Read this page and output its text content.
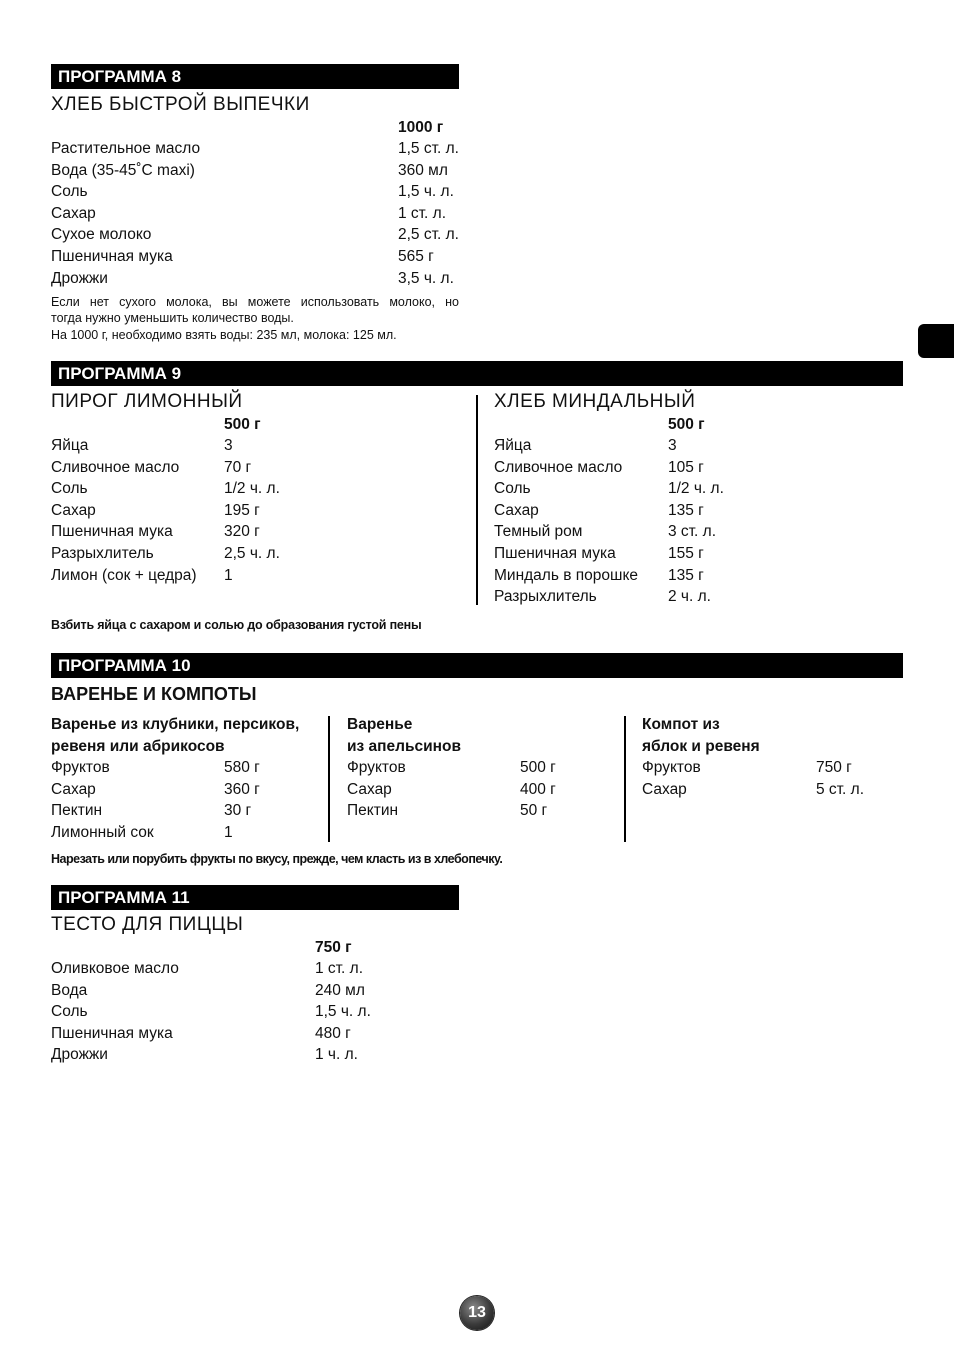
ПРОГРАММА 8
ХЛЕБ БЫСТРОЙ ВЫПЕЧКИ
1000 г
Растительное масло	1,5 ст. л.
Вода (35-45˚C maxi)	360 мл
Соль	1,5 ч. л.
Сахар	1 ст. л.
Сухое молоко	2,5 ст. л.
Пшеничная мука	565 г
Дрожжи	3,5 ч. л.
Если нет сухого молока, вы можете использовать молоко, но
тогда нужно уменьшить количество воды.
На 1000 г, необходимо взять воды: 235 мл, молока: 125 мл.
ПРОГРАММА 9
ПИРОГ ЛИМОННЫЙ
500 г
Яйца	3
Сливочное масло	70 г
Соль	1/2 ч. л.
Сахар	195 г
Пшеничная мука	320 г
Разрыхлитель	2,5 ч. л.
Лимон (сок + цедра) 1
ХЛЕБ МИНДАЛЬНЫЙ
500 г
Яйца	3
Сливочное масло	105 г
Соль	1/2 ч. л.
Сахар	135 г
Темный ром	3 ст. л.
Пшеничная мука	155 г
Миндаль в порошке 135 г
Разрыхлитель	2 ч. л.
Взбить яйца с сахаром и солью до образования густой пены
ПРОГРАММА 10
ВАРЕНЬЕ И КОМПОТЫ
Варенье из клубники, персиков,
ревеня или абрикосов
Фруктов	580 г
Сахар	360 г
Пектин	30 г
Лимонный сок	1
Варенье
из апельсинов
Фруктов	500 г
Сахар	400 г
Пектин	50 г
Компот из
яблок и ревеня
Фруктов	750 г
Сахар	5 ст. л.
Нарезать или порубить фрукты по вкусу, прежде, чем класть из в хлебопечку.
ПРОГРАММА 11
ТЕСТО ДЛЯ ПИЦЦЫ
750 г
Оливковое масло	1 ст. л.
Вода	240 мл
Соль	1,5 ч. л.
Пшеничная мука	480 г
Дрожжи	1 ч. л.
13
